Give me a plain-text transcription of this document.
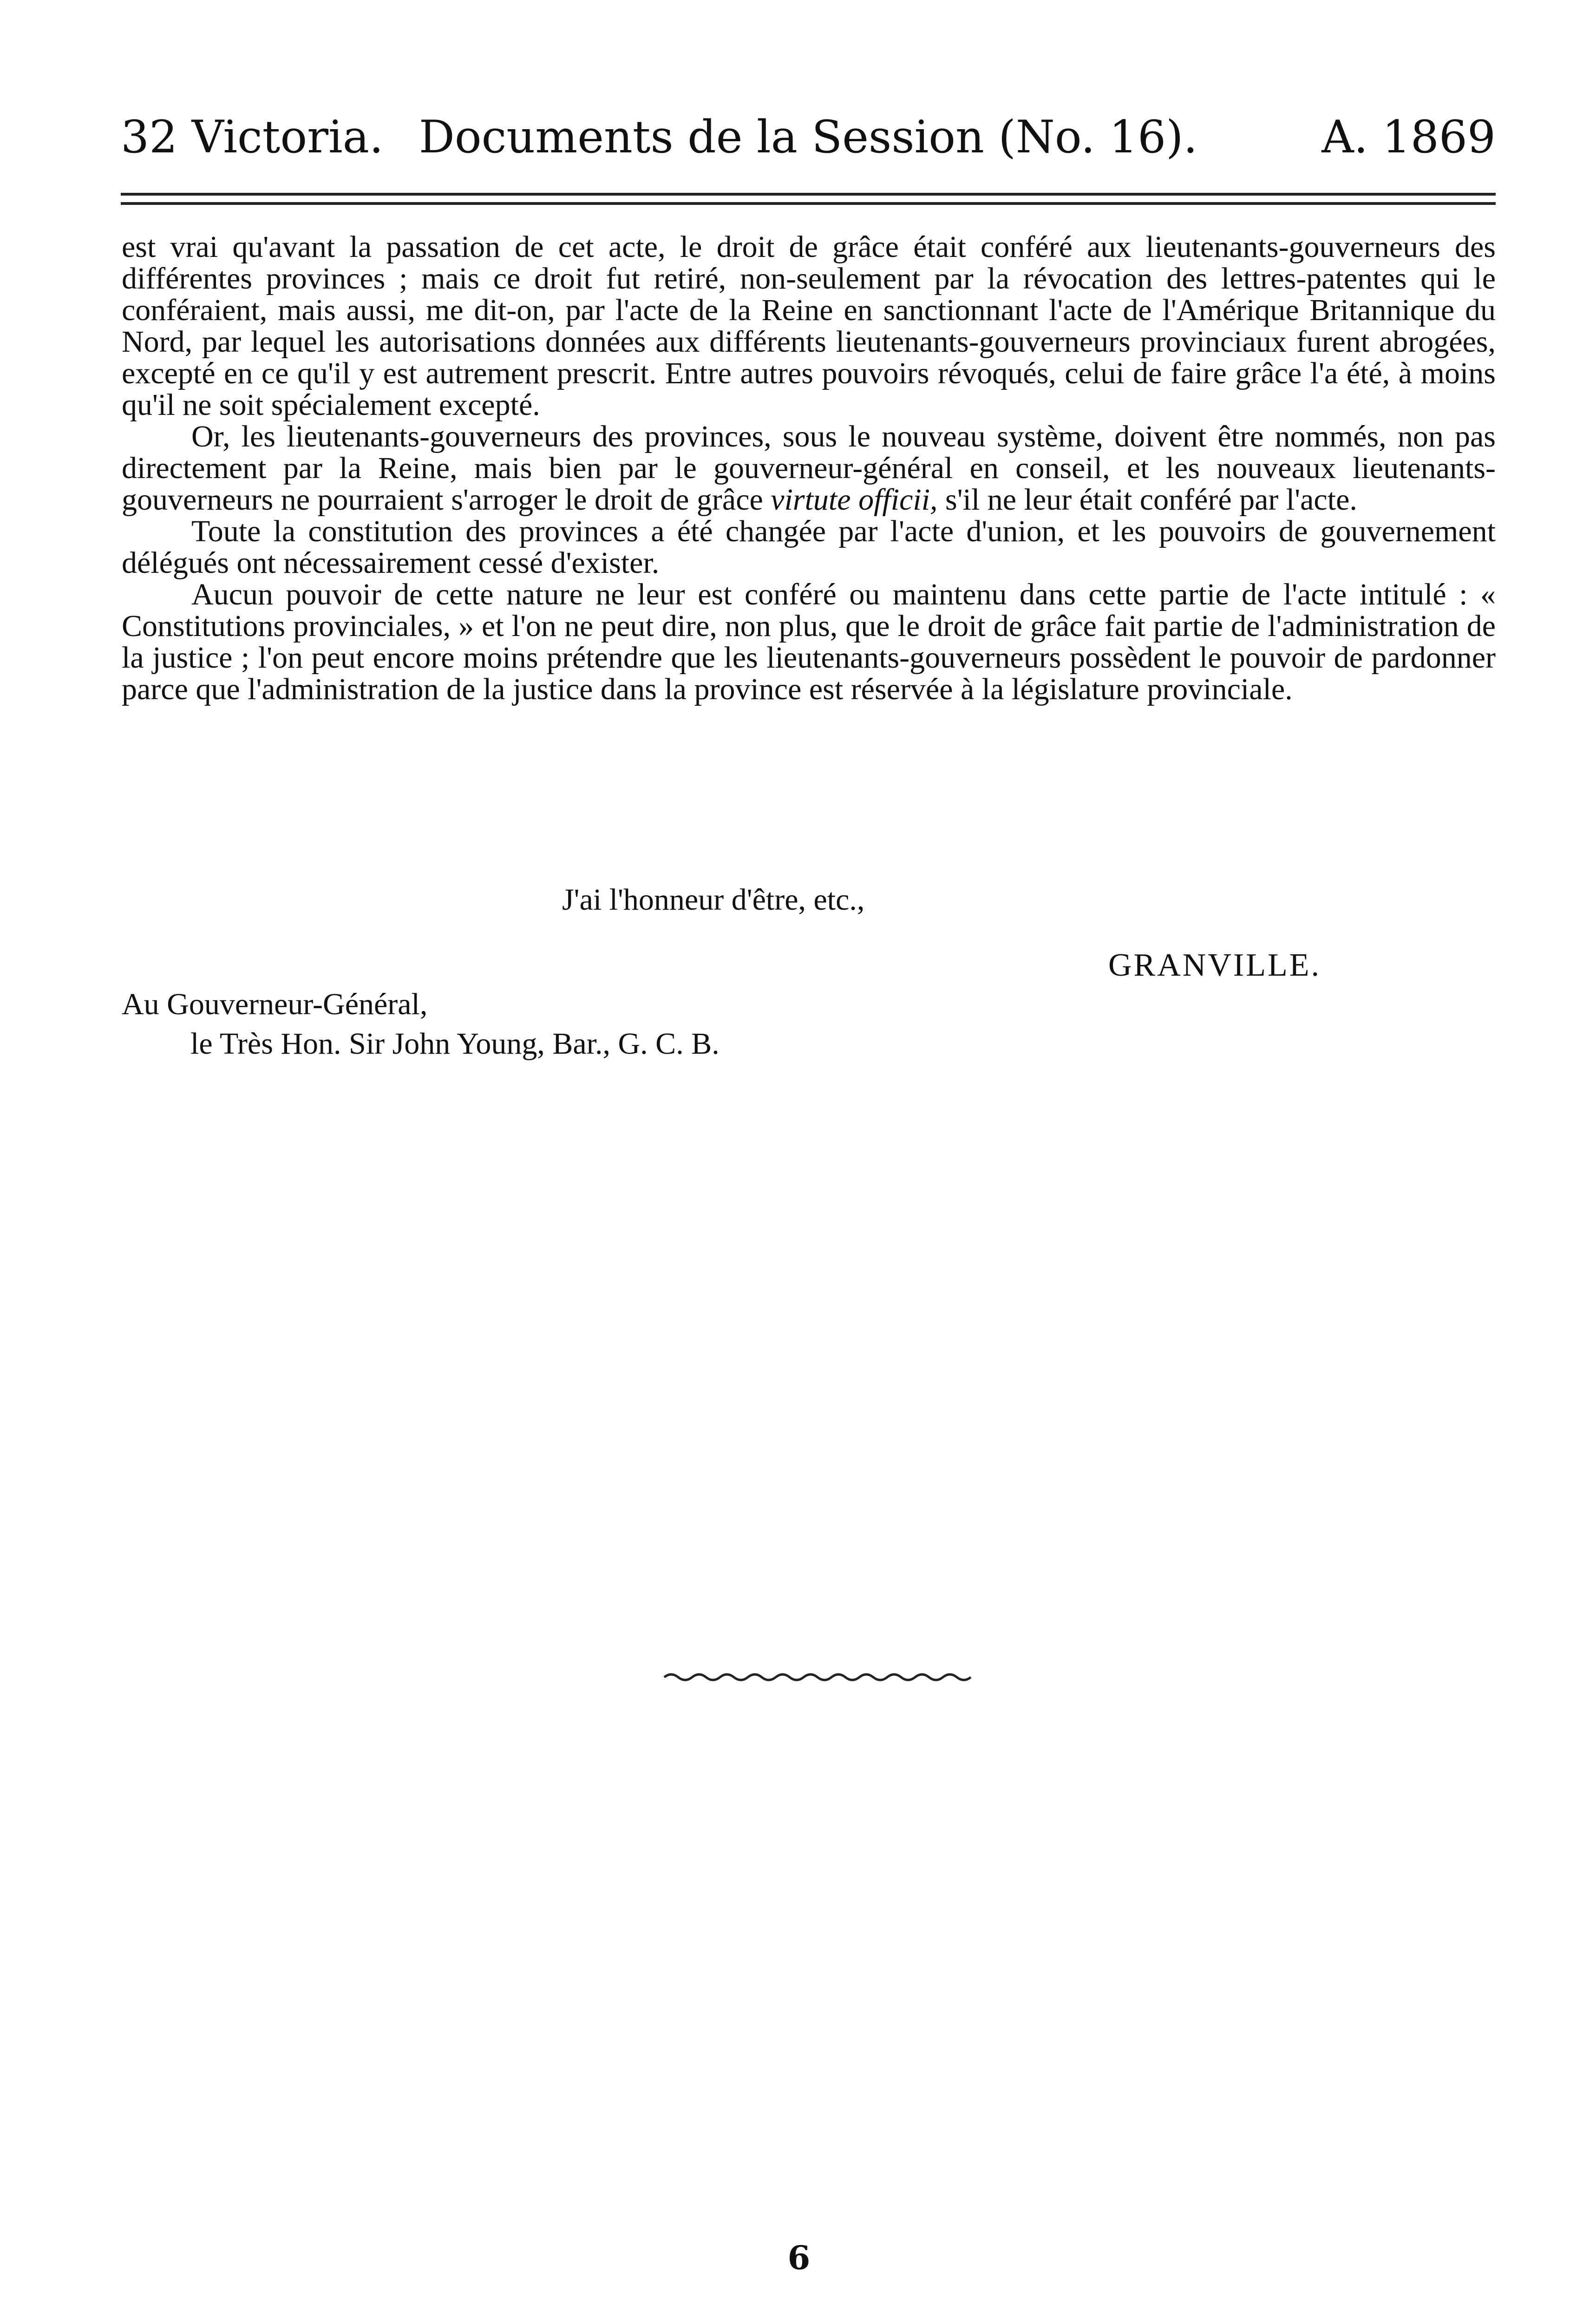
32 Victoria. Documents de la Session (No. 16).	A. 1869

est vrai qu'avant la passation de cet acte, le droit de grâce était conféré aux lieutenants-gouverneurs des différentes provinces ; mais ce droit fut retiré, non-seulement par la révocation des lettres-patentes qui le conféraient, mais aussi, me dit-on, par l'acte de la Reine en sanctionnant l'acte de l'Amérique Britannique du Nord, par lequel les autorisations données aux différents lieutenants-gouverneurs provinciaux furent abrogées, excepté en ce qu'il y est autrement prescrit. Entre autres pouvoirs révoqués, celui de faire grâce l'a été, à moins qu'il ne soit spécialement excepté.

Or, les lieutenants-gouverneurs des provinces, sous le nouveau système, doivent être nommés, non pas directement par la Reine, mais bien par le gouverneur-général en conseil, et les nouveaux lieutenants-gouverneurs ne pourraient s'arroger le droit de grâce virtute officii, s'il ne leur était conféré par l'acte.

Toute la constitution des provinces a été changée par l'acte d'union, et les pouvoirs de gouvernement délégués ont nécessairement cessé d'exister.

Aucun pouvoir de cette nature ne leur est conféré ou maintenu dans cette partie de l'acte intitulé : « Constitutions provinciales, » et l'on ne peut dire, non plus, que le droit de grâce fait partie de l'administration de la justice ; l'on peut encore moins prétendre que les lieutenants-gouverneurs possèdent le pouvoir de pardonner parce que l'administration de la justice dans la province est réservée à la législature provinciale.

J'ai l'honneur d'être, etc.,
GRANVILLE.
Au Gouverneur-Général,
le Très Hon. Sir John Young, Bar., G. C. B.
6
